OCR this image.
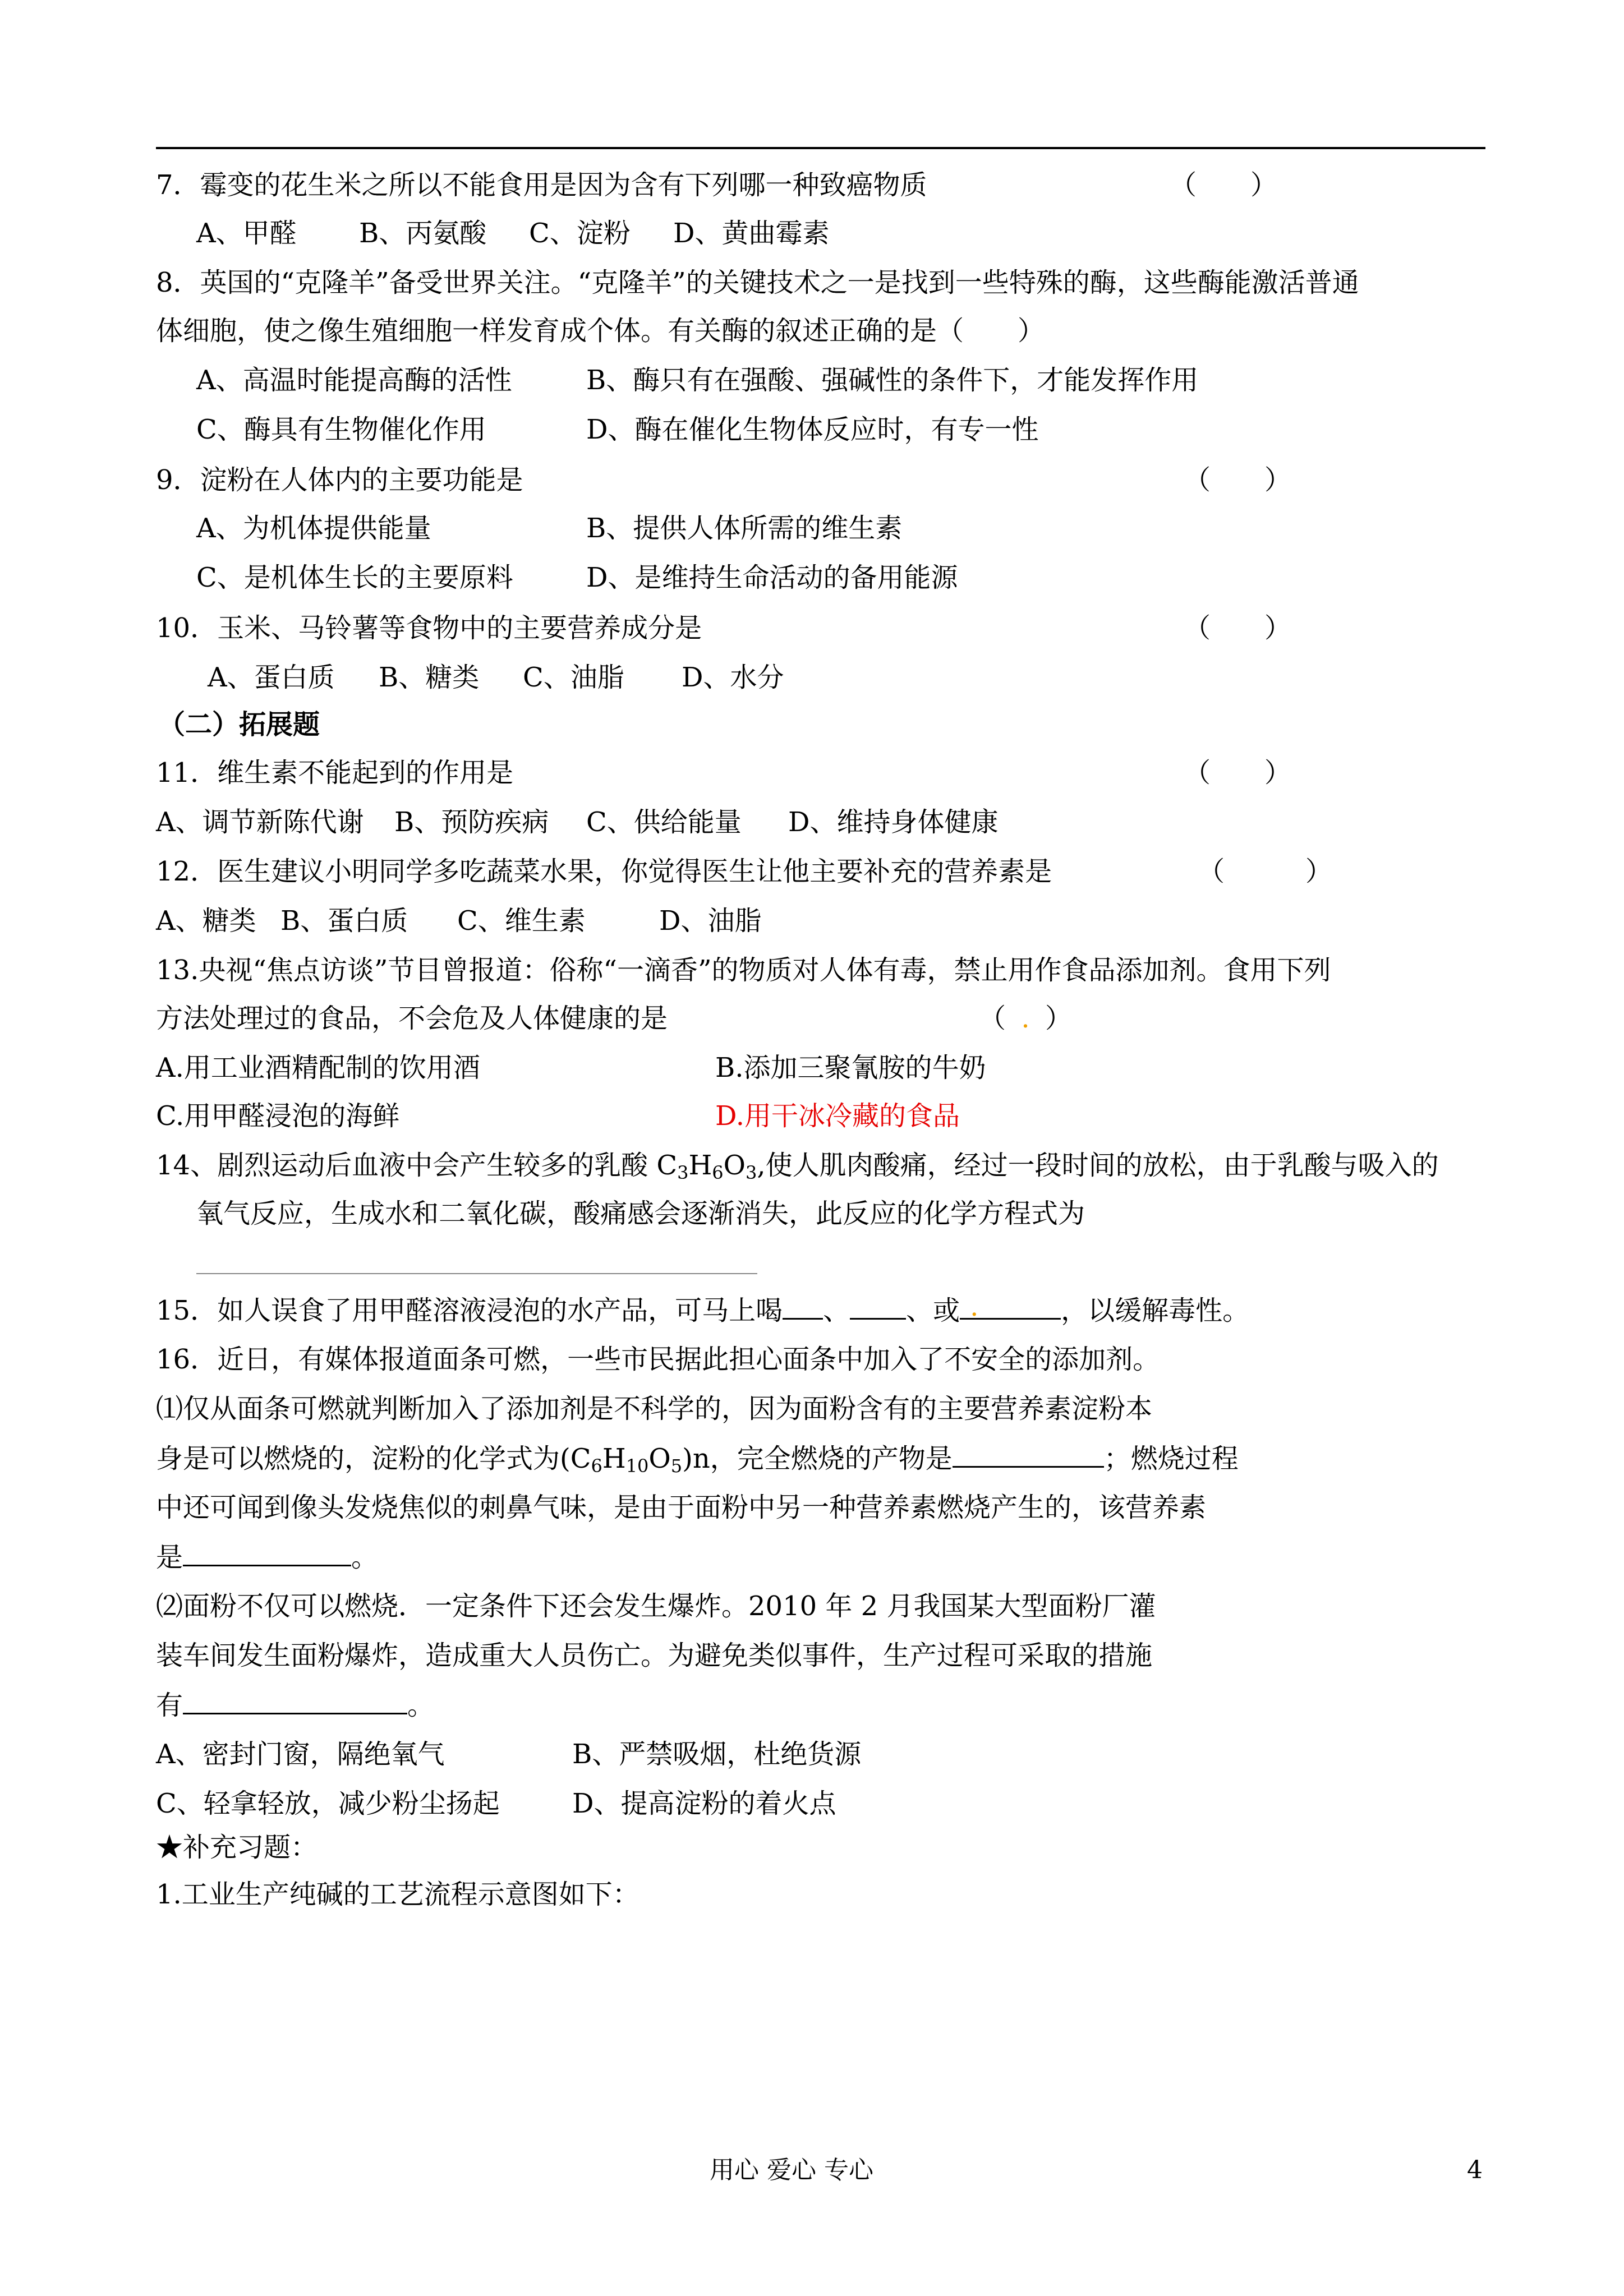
7．霉变的花生米之所以不能食用是因为含有下列哪一种致癌物质	（　　）
A、甲醛 B、丙氨酸 C、淀粉 D、黄曲霉素
8．英国的“克隆羊”备受世界关注。“克隆羊”的关键技术之一是找到一些特殊的酶，这些酶能激活普通
体细胞，使之像生殖细胞一样发育成个体。有关酶的叙述正确的是（　　）
A、高温时能提高酶的活性	B、酶只有在强酸、强碱性的条件下，才能发挥作用
C、酶具有生物催化作用	D、酶在催化生物体反应时，有专一性
9．淀粉在人体内的主要功能是	（　　）
A、为机体提供能量	B、提供人体所需的维生素
C、是机体生长的主要原料	D、是维持生命活动的备用能源
10．玉米、马铃薯等食物中的主要营养成分是	（　　）
A、蛋白质 B、糖类 C、油脂 D、水分
（二）拓展题
11．维生素不能起到的作用是	（　　）
A、调节新陈代谢 B、预防疾病 C、供给能量 D、维持身体健康
12．医生建议小明同学多吃蔬菜水果，你觉得医生让他主要补充的营养素是	（　　　）
A、糖类 B、蛋白质 C、维生素	D、油脂
13.央视“焦点访谈”节目曾报道：俗称“一滴香”的物质对人体有毒，禁止用作食品添加剂。食用下列
方法处理过的食品，不会危及人体健康的是	（ . ）
A.用工业酒精配制的饮用酒	B.添加三聚氰胺的牛奶
C.用甲醛浸泡的海鲜	D.用干冰冷藏的食品
14、剧烈运动后血液中会产生较多的乳酸 $C_3H_6O_3$,使人肌肉酸痛，经过一段时间的放松，由于乳酸与吸入的
氧气反应，生成水和二氧化碳，酸痛感会逐渐消失，此反应的化学方程式为
15．如人误食了用甲醛溶液浸泡的水产品，可马上喝 、 、或 .	，以缓解毒性。
16．近日，有媒体报道面条可燃，一些市民据此担心面条中加入了不安全的添加剂。
⑴仅从面条可燃就判断加入了添加剂是不科学的，因为面粉含有的主要营养素淀粉本
身是可以燃烧的，淀粉的化学式为$(C_6H_{10}O_5)n$，完全燃烧的产物是	；燃烧过程
中还可闻到像头发烧焦似的刺鼻气味，是由于面粉中另一种营养素燃烧产生的，该营养素
是	。
⑵面粉不仅可以燃烧．一定条件下还会发生爆炸。2010 年 2 月我国某大型面粉厂灌
装车间发生面粉爆炸，造成重大人员伤亡。为避免类似事件，生产过程可采取的措施
有	。
A、密封门窗，隔绝氧气	B、严禁吸烟，杜绝货源
C、轻拿轻放，减少粉尘扬起	D、提高淀粉的着火点
★补充习题：
1.工业生产纯碱的工艺流程示意图如下：
用心 爱心 专心	4
